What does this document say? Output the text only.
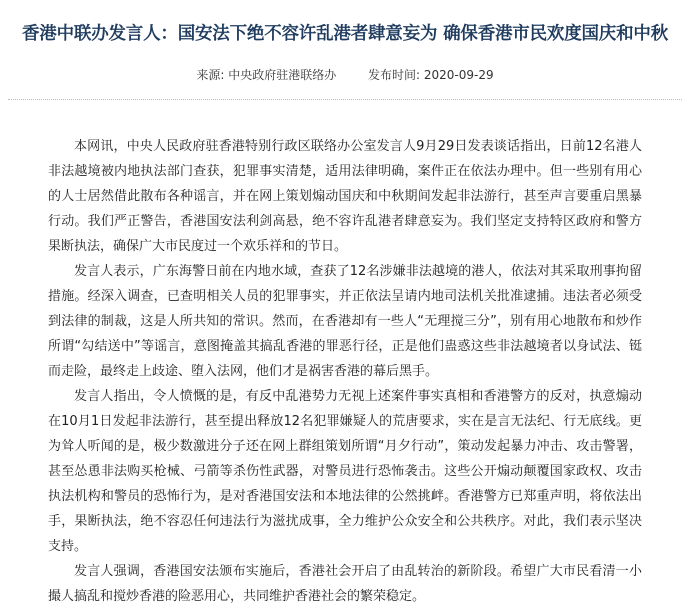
香港中联办发言人：国安法下绝不容许乱港者肆意妄为 确保香港市民欢度国庆和中秋
来源: 中央政府驻港联络办	发布时间: 2020-09-29

本网讯，中央人民政府驻香港特别行政区联络办公室发言人9月29日发表谈话指出，日前12名港人非法越境被内地执法部门查获，犯罪事实清楚，适用法律明确，案件正在依法办理中。但一些别有用心的人士居然借此散布各种谣言，并在网上策划煽动国庆和中秋期间发起非法游行，甚至声言要重启黑暴行动。我们严正警告，香港国安法利剑高悬，绝不容许乱港者肆意妄为。我们坚定支持特区政府和警方果断执法，确保广大市民度过一个欢乐祥和的节日。

发言人表示，广东海警日前在内地水域，查获了12名涉嫌非法越境的港人，依法对其采取刑事拘留措施。经深入调查，已查明相关人员的犯罪事实，并正依法呈请内地司法机关批准逮捕。违法者必须受到法律的制裁，这是人所共知的常识。然而，在香港却有一些人“无理搅三分”，别有用心地散布和炒作所谓“勾结送中”等谣言，意图掩盖其搞乱香港的罪恶行径，正是他们蛊惑这些非法越境者以身试法、铤而走险，最终走上歧途、堕入法网，他们才是祸害香港的幕后黑手。

发言人指出，令人愤慨的是，有反中乱港势力无视上述案件事实真相和香港警方的反对，执意煽动在10月1日发起非法游行，甚至提出释放12名犯罪嫌疑人的荒唐要求，实在是言无法纪、行无底线。更为耸人听闻的是，极少数激进分子还在网上群组策划所谓“月夕行动”，策动发起暴力冲击、攻击警署，甚至怂恿非法购买枪械、弓箭等杀伤性武器，对警员进行恐怖袭击。这些公开煽动颠覆国家政权、攻击执法机构和警员的恐怖行为，是对香港国安法和本地法律的公然挑衅。香港警方已郑重声明，将依法出手，果断执法，绝不容忍任何违法行为滋扰成事，全力维护公众安全和公共秩序。对此，我们表示坚决支持。

发言人强调，香港国安法颁布实施后，香港社会开启了由乱转治的新阶段。希望广大市民看清一小撮人搞乱和搅炒香港的险恶用心，共同维护香港社会的繁荣稳定。
